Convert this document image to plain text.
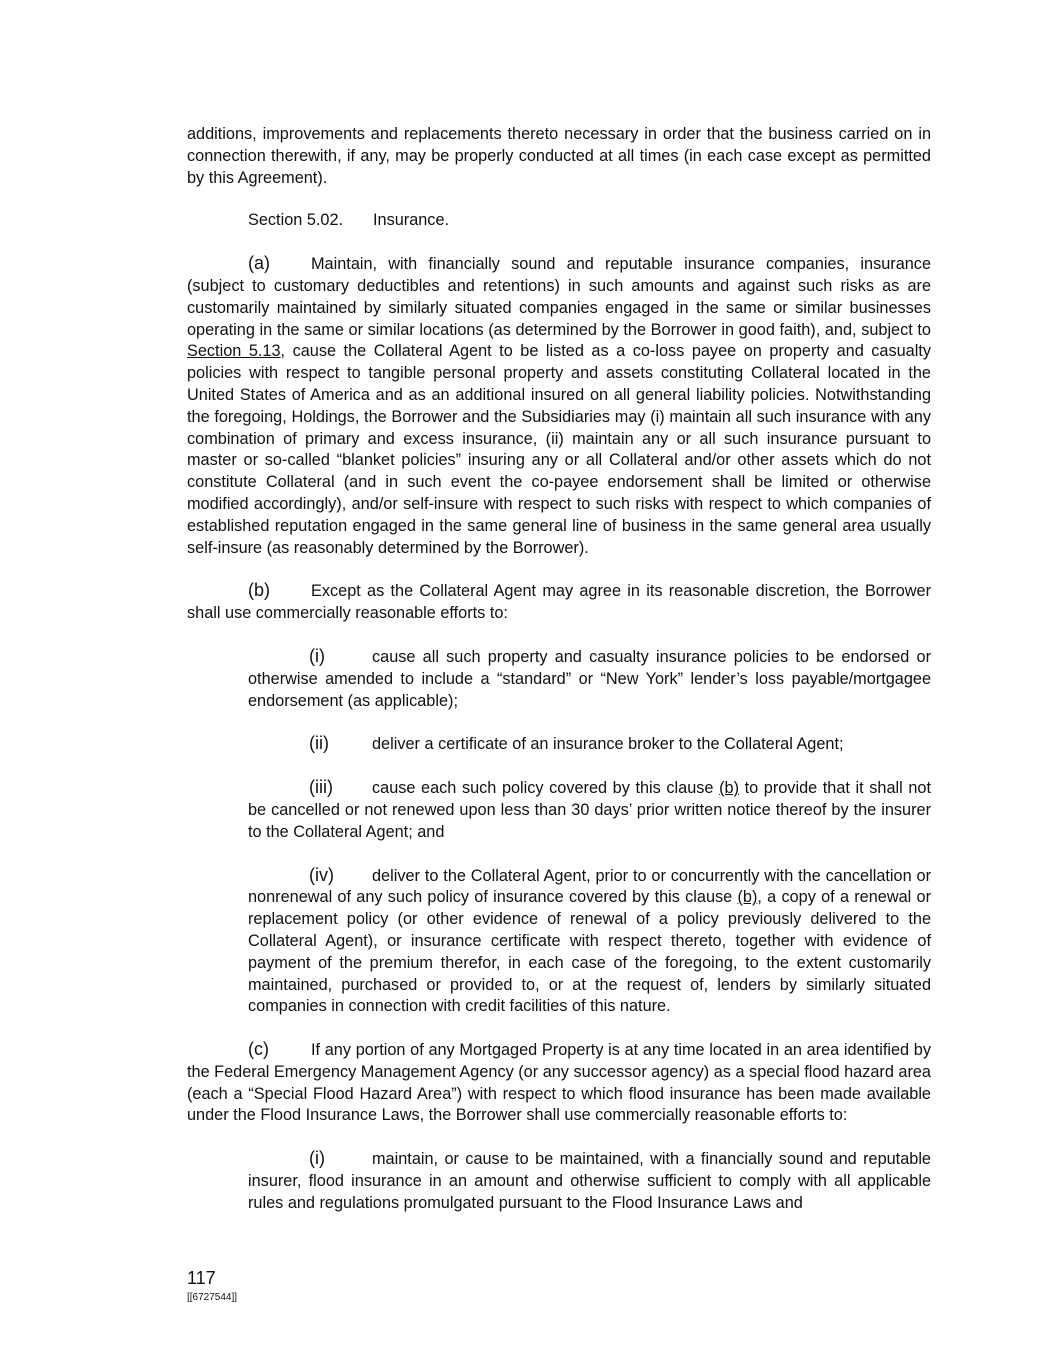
additions, improvements and replacements thereto necessary in order that the business carried on in connection therewith, if any, may be properly conducted at all times (in each case except as permitted by this Agreement).

Section 5.02. Insurance.

(a)	Maintain, with financially sound and reputable insurance companies, insurance (subject to customary deductibles and retentions) in such amounts and against such risks as are customarily maintained by similarly situated companies engaged in the same or similar businesses operating in the same or similar locations (as determined by the Borrower in good faith), and, subject to Section 5.13, cause the Collateral Agent to be listed as a co-loss payee on property and casualty policies with respect to tangible personal property and assets constituting Collateral located in the United States of America and as an additional insured on all general liability policies. Notwithstanding the foregoing, Holdings, the Borrower and the Subsidiaries may (i) maintain all such insurance with any combination of primary and excess insurance, (ii) maintain any or all such insurance pursuant to master or so-called “blanket policies” insuring any or all Collateral and/or other assets which do not constitute Collateral (and in such event the co-payee endorsement shall be limited or otherwise modified accordingly), and/or self-insure with respect to such risks with respect to which companies of established reputation engaged in the same general line of business in the same general area usually self-insure (as reasonably determined by the Borrower).

(b)	Except as the Collateral Agent may agree in its reasonable discretion, the Borrower shall use commercially reasonable efforts to:

(i)	cause all such property and casualty insurance policies to be endorsed or otherwise amended to include a “standard” or “New York” lender’s loss payable/mortgagee endorsement (as applicable);

(ii)	deliver a certificate of an insurance broker to the Collateral Agent;

(iii) cause each such policy covered by this clause (b) to provide that it shall not be cancelled or not renewed upon less than 30 days’ prior written notice thereof by the insurer to the Collateral Agent; and

(iv) deliver to the Collateral Agent, prior to or concurrently with the cancellation or nonrenewal of any such policy of insurance covered by this clause (b), a copy of a renewal or replacement policy (or other evidence of renewal of a policy previously delivered to the Collateral Agent), or insurance certificate with respect thereto, together with evidence of payment of the premium therefor, in each case of the foregoing, to the extent customarily maintained, purchased or provided to, or at the request of, lenders by similarly situated companies in connection with credit facilities of this nature.

(c)	If any portion of any Mortgaged Property is at any time located in an area identified by the Federal Emergency Management Agency (or any successor agency) as a special flood hazard area (each a “Special Flood Hazard Area”) with respect to which flood insurance has been made available under the Flood Insurance Laws, the Borrower shall use commercially reasonable efforts to:

(i)	maintain, or cause to be maintained, with a financially sound and reputable insurer, flood insurance in an amount and otherwise sufficient to comply with all applicable rules and regulations promulgated pursuant to the Flood Insurance Laws and

117
[[6727544]]
